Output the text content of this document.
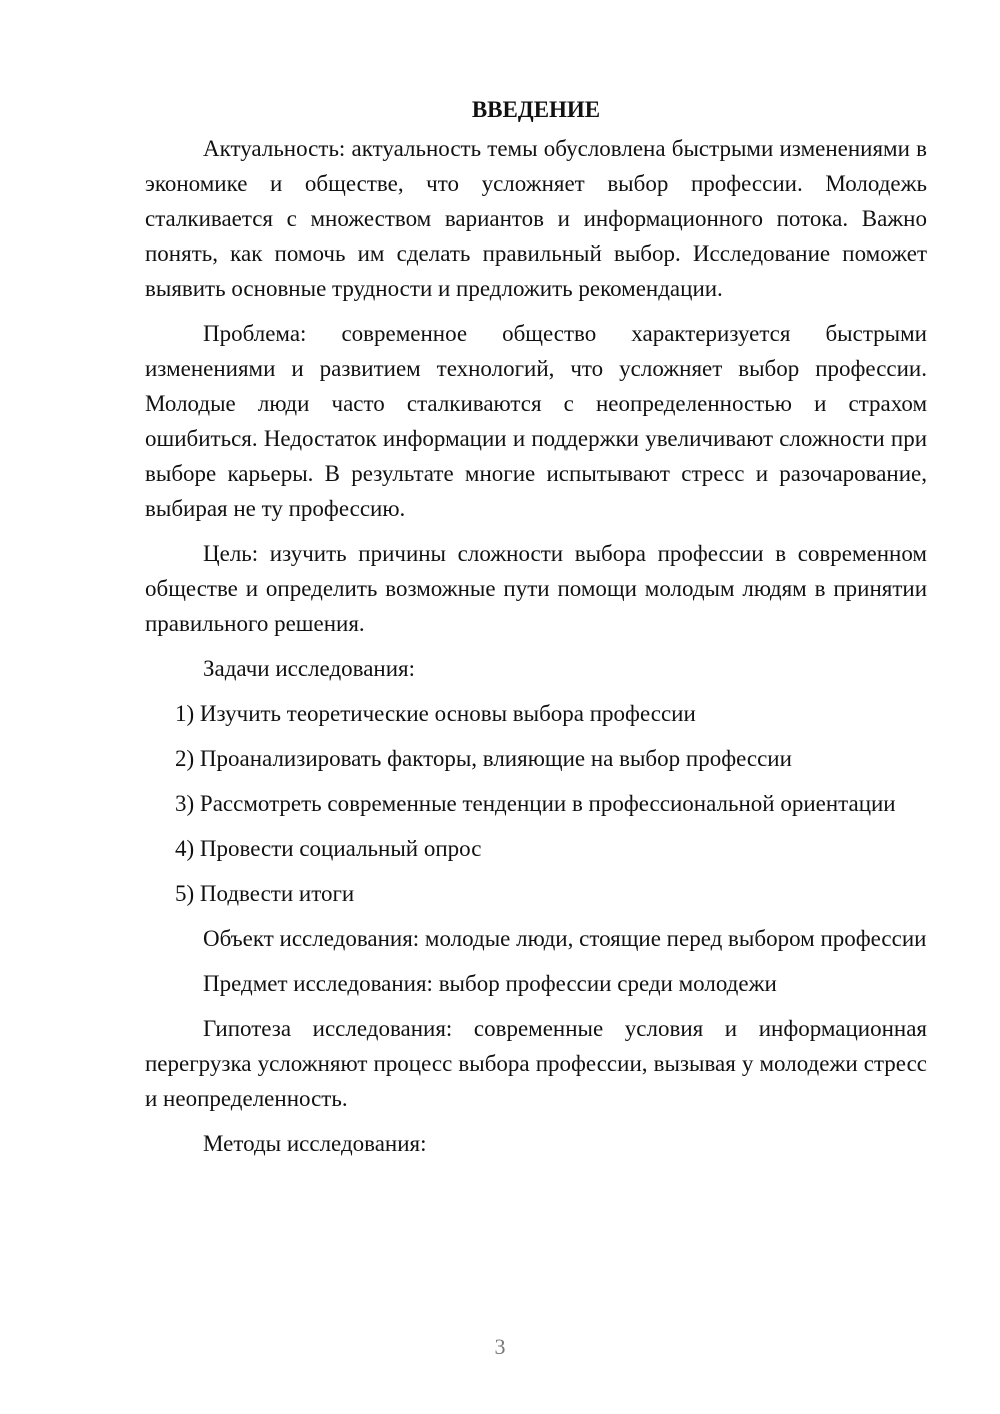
ВВЕДЕНИЕ

Актуальность: актуальность темы обусловлена быстрыми изменениями в экономике и обществе, что усложняет выбор профессии. Молодежь сталкивается с множеством вариантов и информационного потока. Важно понять, как помочь им сделать правильный выбор. Исследование поможет выявить основные трудности и предложить рекомендации.

Проблема: современное общество характеризуется быстрыми изменениями и развитием технологий, что усложняет выбор профессии. Молодые люди часто сталкиваются с неопределенностью и страхом ошибиться. Недостаток информации и поддержки увеличивают сложности при выборе карьеры. В результате многие испытывают стресс и разочарование, выбирая не ту профессию.

Цель: изучить причины сложности выбора профессии в современном обществе и определить возможные пути помощи молодым людям в принятии правильного решения.

Задачи исследования:

1) Изучить теоретические основы выбора профессии

2) Проанализировать факторы, влияющие на выбор профессии

3) Рассмотреть современные тенденции в профессиональной ориентации

4) Провести социальный опрос

5) Подвести итоги

Объект исследования: молодые люди, стоящие перед выбором профессии

Предмет исследования: выбор профессии среди молодежи

Гипотеза исследования: современные условия и информационная перегрузка усложняют процесс выбора профессии, вызывая у молодежи стресс и неопределенность.

Методы исследования:

3
